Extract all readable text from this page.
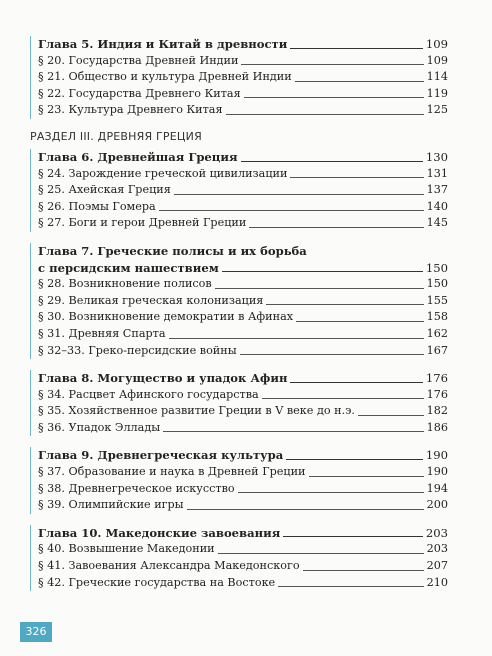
Глава 5. Индия и Китай в древности	109
§ 20. Государства Древней Индии	109
§ 21. Общество и культура Древней Индии	114
§ 22. Государства Древнего Китая	119
§ 23. Культура Древнего Китая	125
РАЗДЕЛ III. ДРЕВНЯЯ ГРЕЦИЯ
Глава 6. Древнейшая Греция	130
§ 24. Зарождение греческой цивилизации	131
§ 25. Ахейская Греция	137
§ 26. Поэмы Гомера	140
§ 27. Боги и герои Древней Греции	145
Глава 7. Греческие полисы и их борьба
с персидским нашествием	150
§ 28. Возникновение полисов	150
§ 29. Великая греческая колонизация	155
§ 30. Возникновение демократии в Афинах	158
§ 31. Древняя Спарта	162
§ 32–33. Греко-персидские войны	167
Глава 8. Могущество и упадок Афин	176
§ 34. Расцвет Афинского государства	176
§ 35. Хозяйственное развитие Греции в V веке до н.э.	182
§ 36. Упадок Эллады	186
Глава 9. Древнегреческая культура	190
§ 37. Образование и наука в Древней Греции	190
§ 38. Древнегреческое искусство	194
§ 39. Олимпийские игры	200
Глава 10. Македонские завоевания	203
§ 40. Возвышение Македонии	203
§ 41. Завоевания Александра Македонского	207
§ 42. Греческие государства на Востоке	210
326
